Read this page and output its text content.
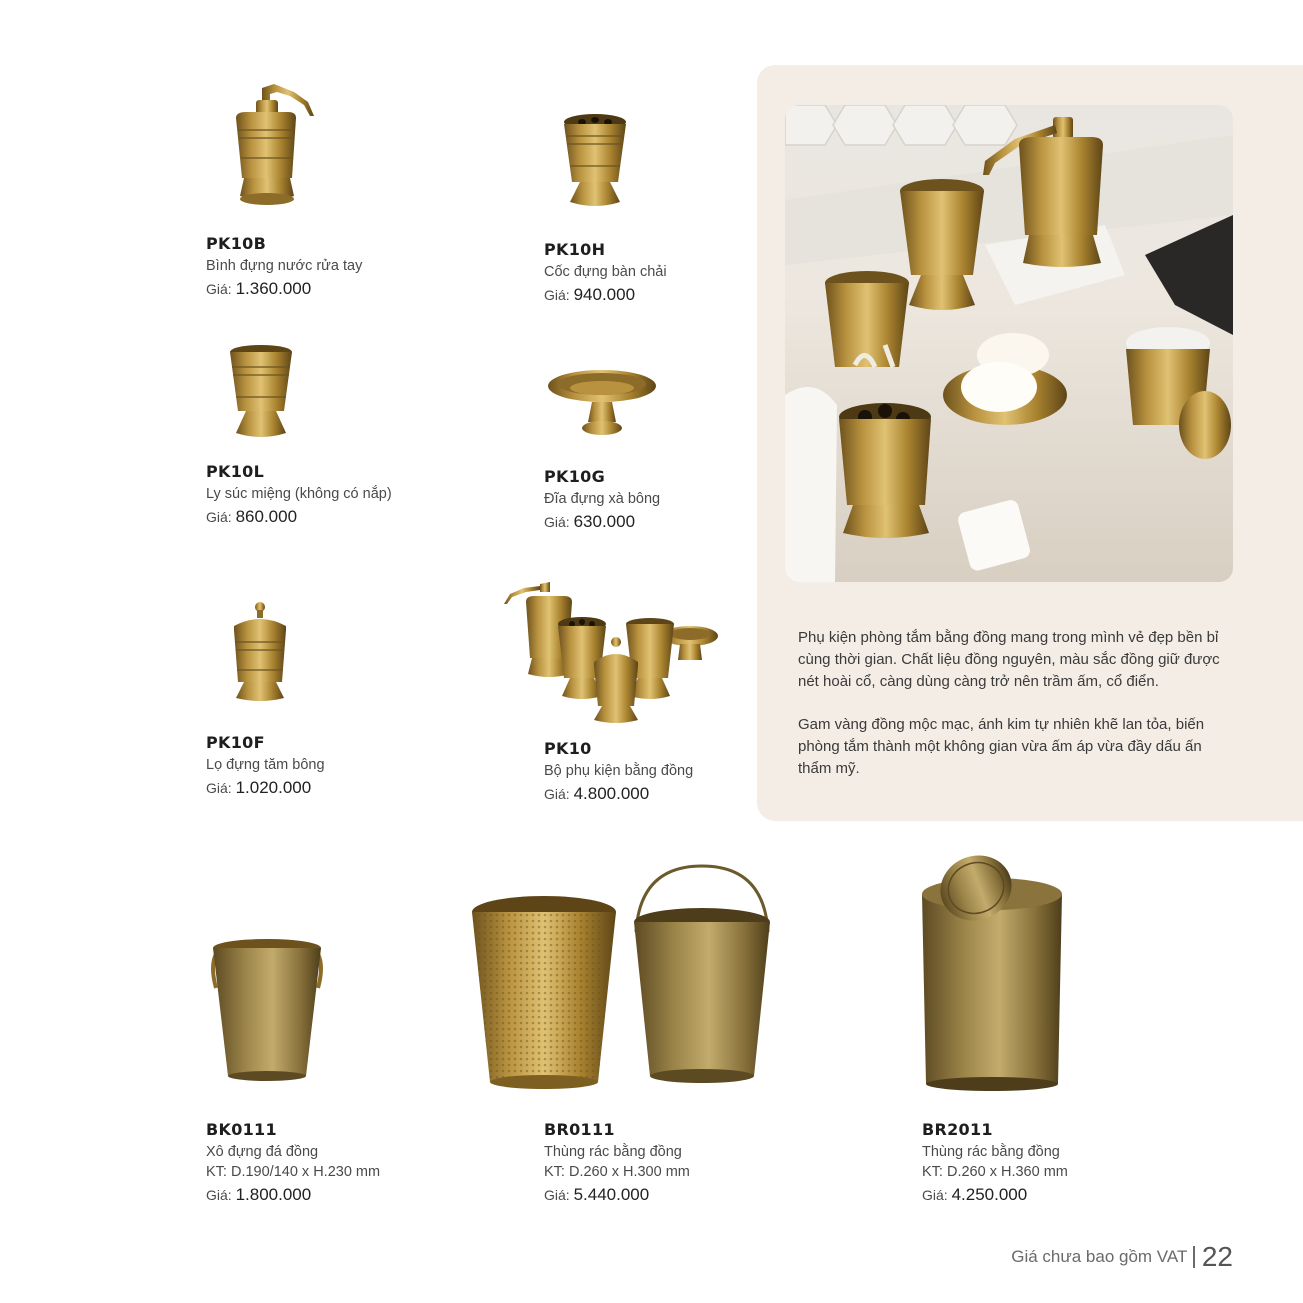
PK10B
Bình đựng nước rửa tay
Giá: 1.360.000
PK10H
Cốc đựng bàn chải
Giá: 940.000
PK10L
Ly súc miệng (không có nắp)
Giá: 860.000
PK10G
Đĩa đựng xà bông
Giá: 630.000
PK10F
Lọ đựng tăm bông
Giá: 1.020.000
PK10
Bộ phụ kiện bằng đồng
Giá: 4.800.000

Phụ kiện phòng tắm bằng đồng mang trong mình vẻ đẹp bền bỉ cùng thời gian. Chất liệu đồng nguyên, màu sắc đồng giữ được nét hoài cổ, càng dùng càng trở nên trầm ấm, cổ điển.

Gam vàng đồng mộc mạc, ánh kim tự nhiên khẽ lan tỏa, biến phòng tắm thành một không gian vừa ấm áp vừa đầy dấu ấn thẩm mỹ.

BK0111
Xô đựng đá đồng
KT: D.190/140 x H.230 mm
Giá: 1.800.000
BR0111
Thùng rác bằng đồng
KT: D.260 x H.300 mm
Giá: 5.440.000
BR2011
Thùng rác bằng đồng
KT: D.260 x H.360 mm
Giá: 4.250.000
Giá chưa bao gồm VAT 22
